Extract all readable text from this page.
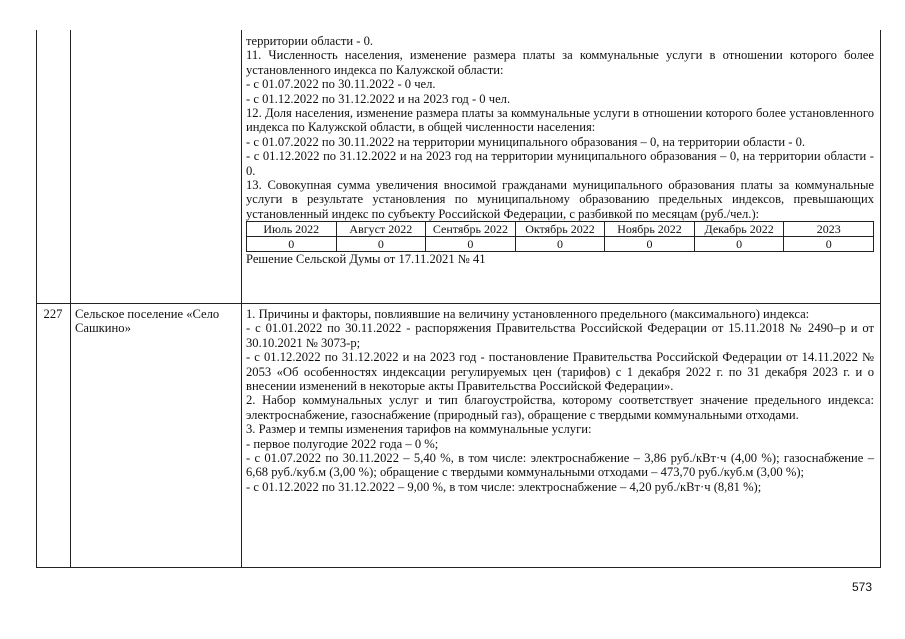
территории области - 0.

11. Численность населения, изменение размера платы за коммунальные услуги в отношении которого более установленного индекса по Калужской области:

- с 01.07.2022 по 30.11.2022 - 0 чел.

- с 01.12.2022 по 31.12.2022 и на 2023 год - 0 чел.

12. Доля населения, изменение размера платы за коммунальные услуги в отношении которого более установленного индекса по Калужской области, в общей численности населения:

- с 01.07.2022 по 30.11.2022 на территории муниципального образования – 0, на территории области - 0.

- с 01.12.2022 по 31.12.2022 и на 2023 год на территории муниципального образования – 0, на территории области - 0.

13. Совокупная сумма увеличения вносимой гражданами муниципального образования платы за коммунальные услуги в результате установления по муниципальному образованию предельных индексов, превышающих установленный индекс по субъекту Российской Федерации, с разбивкой по месяцам (руб./чел.):

Июль 2022	Август 2022	Сентябрь 2022	Октябрь 2022	Ноябрь 2022	Декабрь 2022	2023
0	0	0	0	0	0	0

Решение Сельской Думы от 17.11.2021 № 41

227 Сельское поселение «Село Сашкино»

1. Причины и факторы, повлиявшие на величину установленного предельного (максимального) индекса:

- с 01.01.2022 по 30.11.2022 - распоряжения Правительства Российской Федерации от 15.11.2018 № 2490–р и от 30.10.2021 № 3073-р;

- с 01.12.2022 по 31.12.2022 и на 2023 год - постановление Правительства Российской Федерации от 14.11.2022 № 2053 «Об особенностях индексации регулируемых цен (тарифов) с 1 декабря 2022 г. по 31 декабря 2023 г. и о внесении изменений в некоторые акты Правительства Российской Федерации».

2. Набор коммунальных услуг и тип благоустройства, которому соответствует значение предельного индекса: электроснабжение, газоснабжение (природный газ), обращение с твердыми коммунальными отходами.

3. Размер и темпы изменения тарифов на коммунальные услуги:

- первое полугодие 2022 года – 0 %;

- с 01.07.2022 по 30.11.2022 – 5,40 %, в том числе: электроснабжение – 3,86 руб./кВт·ч (4,00 %); газоснабжение – 6,68 руб./куб.м (3,00 %); обращение с твердыми коммунальными отходами – 473,70 руб./куб.м (3,00 %);

- с 01.12.2022 по 31.12.2022 – 9,00 %, в том числе: электроснабжение – 4,20 руб./кВт·ч (8,81 %);

573
